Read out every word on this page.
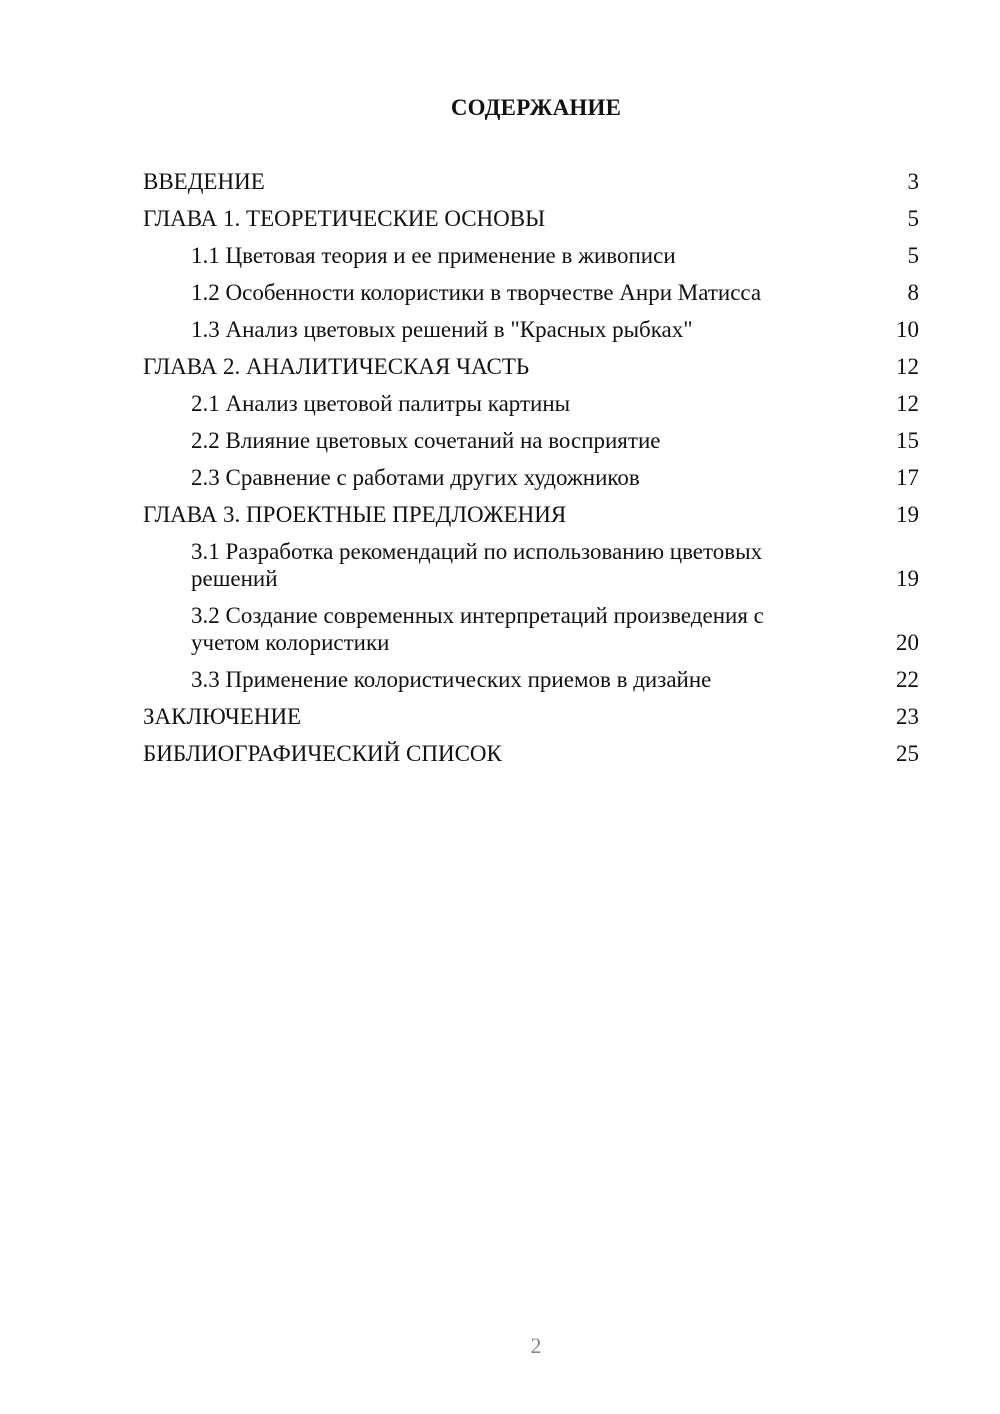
СОДЕРЖАНИЕ
ВВЕДЕНИЕ	3
ГЛАВА 1. ТЕОРЕТИЧЕСКИЕ ОСНОВЫ	5
1.1 Цветовая теория и ее применение в живописи	5
1.2 Особенности колористики в творчестве Анри Матисса	8
1.3 Анализ цветовых решений в "Красных рыбках"	10
ГЛАВА 2. АНАЛИТИЧЕСКАЯ ЧАСТЬ	12
2.1 Анализ цветовой палитры картины	12
2.2 Влияние цветовых сочетаний на восприятие	15
2.3 Сравнение с работами других художников	17
ГЛАВА 3. ПРОЕКТНЫЕ ПРЕДЛОЖЕНИЯ	19
3.1 Разработка рекомендаций по использованию цветовых решений	19
3.2 Создание современных интерпретаций произведения с учетом колористики	20
3.3 Применение колористических приемов в дизайне	22
ЗАКЛЮЧЕНИЕ	23
БИБЛИОГРАФИЧЕСКИЙ СПИСОК	25
2
